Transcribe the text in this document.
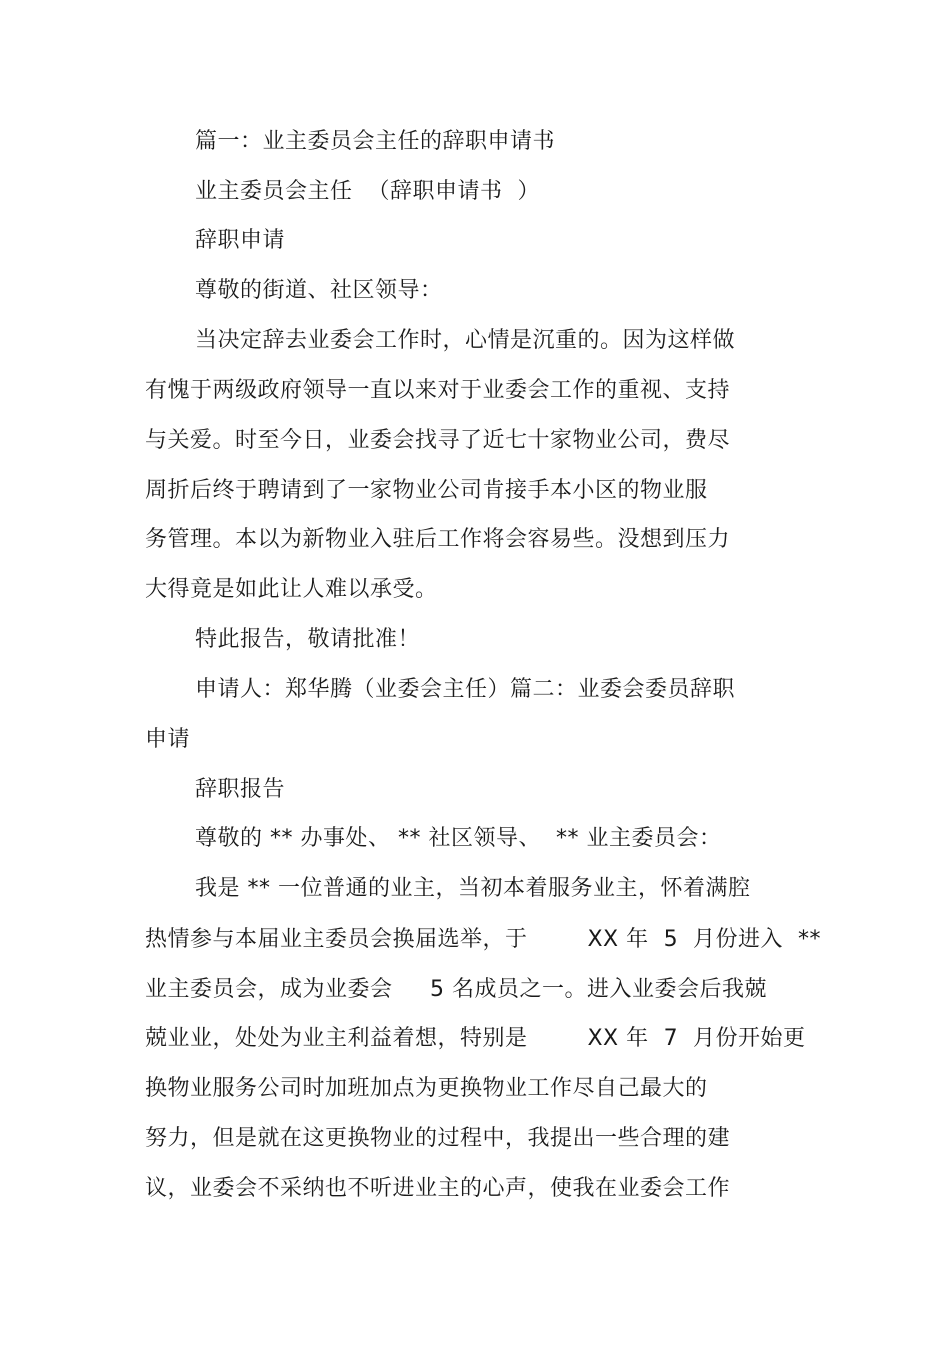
篇一：业主委员会主任的辞职申请书
业主委员会主任  （辞职申请书  ）
辞职申请
尊敬的街道、社区领导：
当决定辞去业委会工作时，心情是沉重的。因为这样做
有愧于两级政府领导一直以来对于业委会工作的重视、支持
与关爱。时至今日，业委会找寻了近七十家物业公司，费尽
周折后终于聘请到了一家物业公司肯接手本小区的物业服
务管理。本以为新物业入驻后工作将会容易些。没想到压力
大得竟是如此让人难以承受。
特此报告，敬请批准！
申请人：郑华腾（业委会主任）篇二：业委会委员辞职
申请
辞职报告
尊敬的 ** 办事处、 ** 社区领导、  ** 业主委员会：
我是 ** 一位普通的业主，当初本着服务业主，怀着满腔
热情参与本届业主委员会换届选举，于        XX 年  5  月份进入  **
业主委员会，成为业委会     5 名成员之一。进入业委会后我兢
兢业业，处处为业主利益着想，特别是        XX 年  7  月份开始更
换物业服务公司时加班加点为更换物业工作尽自己最大的
努力，但是就在这更换物业的过程中，我提出一些合理的建
议，业委会不采纳也不听进业主的心声，使我在业委会工作
